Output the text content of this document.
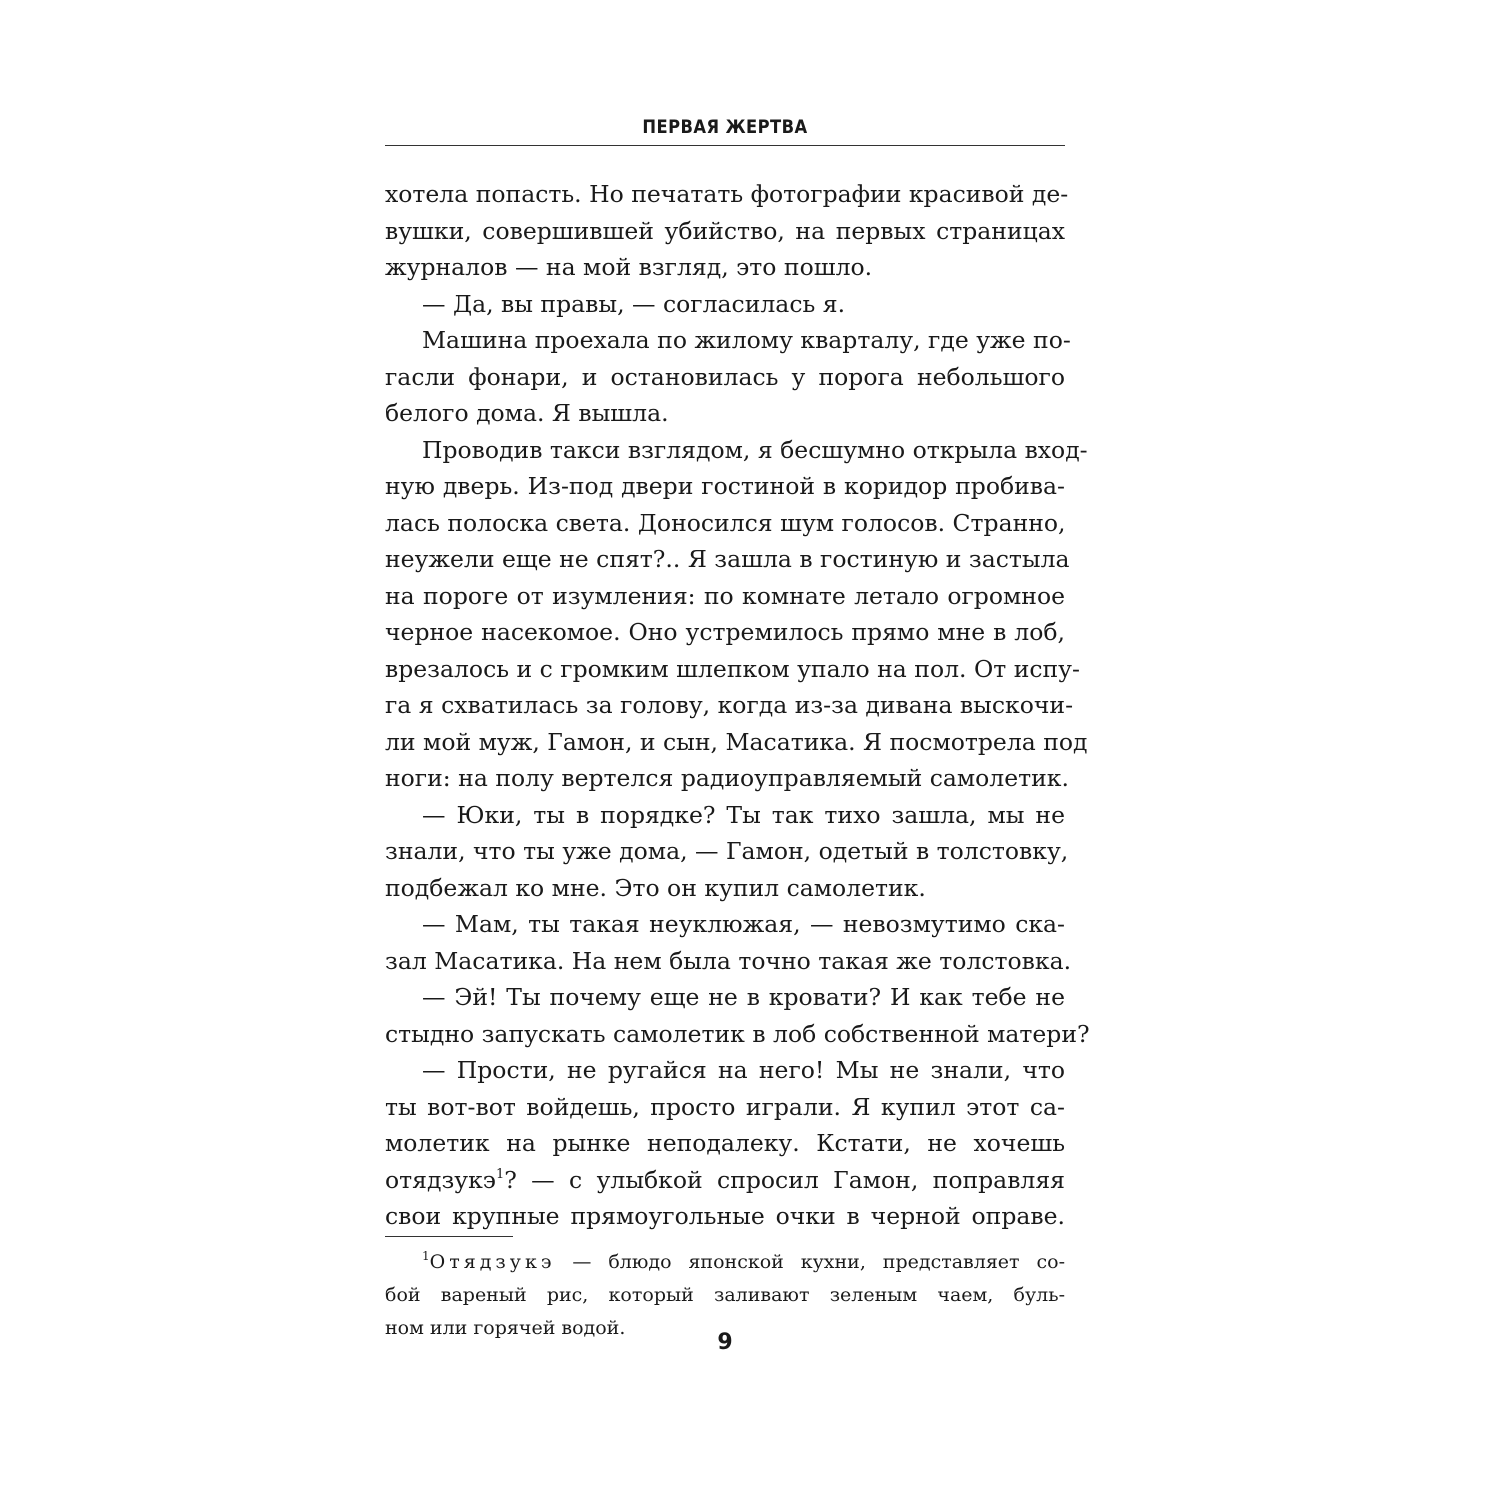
ПЕРВАЯ ЖЕРТВА
хотела попасть. Но печатать фотографии красивой де-
вушки, совершившей убийство, на первых страницах
журналов — на мой взгляд, это пошло.
— Да, вы правы, — согласилась я.
Машина проехала по жилому кварталу, где уже по-
гасли фонари, и остановилась у порога небольшого
белого дома. Я вышла.
Проводив такси взглядом, я бесшумно открыла вход-
ную дверь. Из-под двери гостиной в коридор пробива-
лась полоска света. Доносился шум голосов. Странно,
неужели еще не спят?.. Я зашла в гостиную и застыла
на пороге от изумления: по комнате летало огромное
черное насекомое. Оно устремилось прямо мне в лоб,
врезалось и с громким шлепком упало на пол. От испу-
га я схватилась за голову, когда из-за дивана выскочи-
ли мой муж, Гамон, и сын, Масатика. Я посмотрела под
ноги: на полу вертелся радиоуправляемый самолетик.
— Юки, ты в порядке? Ты так тихо зашла, мы не
знали, что ты уже дома, — Гамон, одетый в толстовку,
подбежал ко мне. Это он купил самолетик.
— Мам, ты такая неуклюжая, — невозмутимо ска-
зал Масатика. На нем была точно такая же толстовка.
— Эй! Ты почему еще не в кровати? И как тебе не
стыдно запускать самолетик в лоб собственной матери?
— Прости, не ругайся на него! Мы не знали, что
ты вот-вот войдешь, просто играли. Я купил этот са-
молетик на рынке неподалеку. Кстати, не хочешь
отядзукэ$^1$? — с улыбкой спросил Гамон, поправляя
свои крупные прямоугольные очки в черной оправе.
$^1$Отядзукэ — блюдо японской кухни, представляет со-
бой вареный рис, который заливают зеленым чаем, буль-
ном или горячей водой.
9
